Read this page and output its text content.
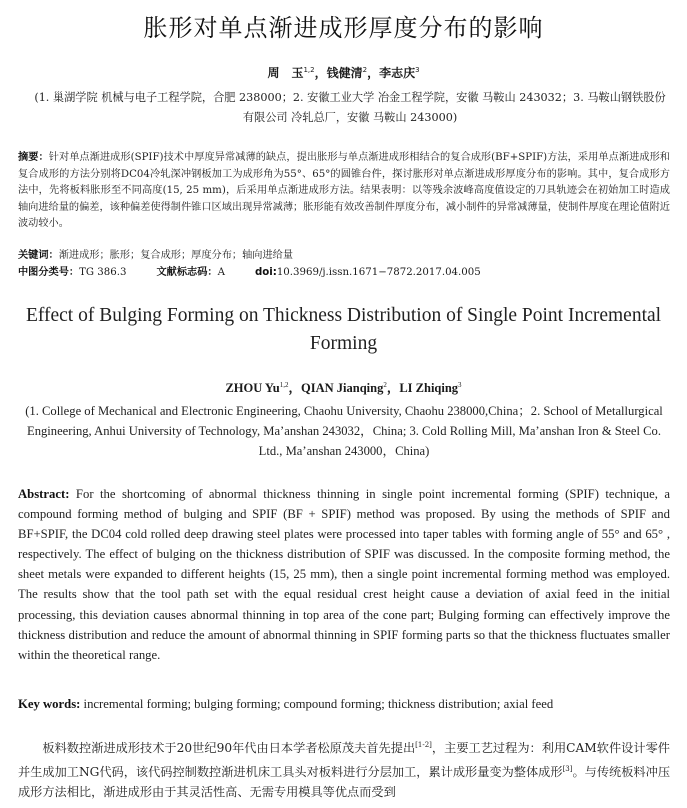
胀形对单点渐进成形厚度分布的影响
周　玉$^{1,2}$，钱健清$^2$，李志庆$^3$
(1. 巢湖学院 机械与电子工程学院，合肥 238000；2. 安徽工业大学 冶金工程学院，安徽 马鞍山 243032；3. 马鞍山钢铁股份有限公司 冷轧总厂，安徽 马鞍山 243000)
摘要：针对单点渐进成形(SPIF)技术中厚度异常减薄的缺点，提出胀形与单点渐进成形相结合的复合成形(BF+SPIF)方法，采用单点渐进成形和复合成形的方法分别将DC04冷轧深冲钢板加工为成形角为55°、65°的圆锥台件，探讨胀形对单点渐进成形厚度分布的影响。其中，复合成形方法中，先将板料胀形至不同高度(15, 25 mm)，后采用单点渐进成形方法。结果表明：以等残余波峰高度值设定的刀具轨迹会在初始加工时造成轴向进给量的偏差，该种偏差使得制件锥口区域出现异常减薄；胀形能有效改善制件厚度分布，减小制件的异常减薄量，使制件厚度在理论值附近波动较小。
关键词：渐进成形；胀形；复合成形；厚度分布；轴向进给量
中图分类号：TG 386.3	文献标志码：A	doi:10.3969/j.issn.1671−7872.2017.04.005
Effect of Bulging Forming on Thickness Distribution of Single Point Incremental Forming
ZHOU Yu$^{1,2}$，QIAN Jianqing$^2$，LI Zhiqing$^3$
(1. College of Mechanical and Electronic Engineering, Chaohu University, Chaohu 238000,China；2. School of Metallurgical Engineering, Anhui University of Technology, Ma’anshan 243032，China; 3. Cold Rolling Mill, Ma’anshan Iron & Steel Co. Ltd., Ma’anshan 243000，China)
Abstract: For the shortcoming of abnormal thickness thinning in single point incremental forming (SPIF) technique, a compound forming method of bulging and SPIF (BF + SPIF) method was proposed. By using the methods of SPIF and BF+SPIF, the DC04 cold rolled deep drawing steel plates were processed into taper tables with forming angle of 55° and 65° , respectively. The effect of bulging on the thickness distribution of SPIF was discussed. In the composite forming method, the sheet metals were expanded to different heights (15, 25 mm), then a single point incremental forming method was employed. The results show that the tool path set with the equal residual crest height cause a deviation of axial feed in the initial processing, this deviation causes abnormal thinning in top area of the cone part; Bulging forming can effectively improve the thickness distribution and reduce the amount of abnormal thinning in SPIF forming parts so that the thickness fluctuates smaller within the theoretical range.
Key words: incremental forming; bulging forming; compound forming; thickness distribution; axial feed
板料数控渐进成形技术于20世纪90年代由日本学者松原茂夫首先提出[1-2]，主要工艺过程为：利用CAM软件设计零件并生成加工NG代码，该代码控制数控渐进机床工具头对板料进行分层加工，累计成形量变为整体成形[3]。与传统板料冲压成形方法相比，渐进成形由于其灵活性高、无需专用模具等优点而受到
